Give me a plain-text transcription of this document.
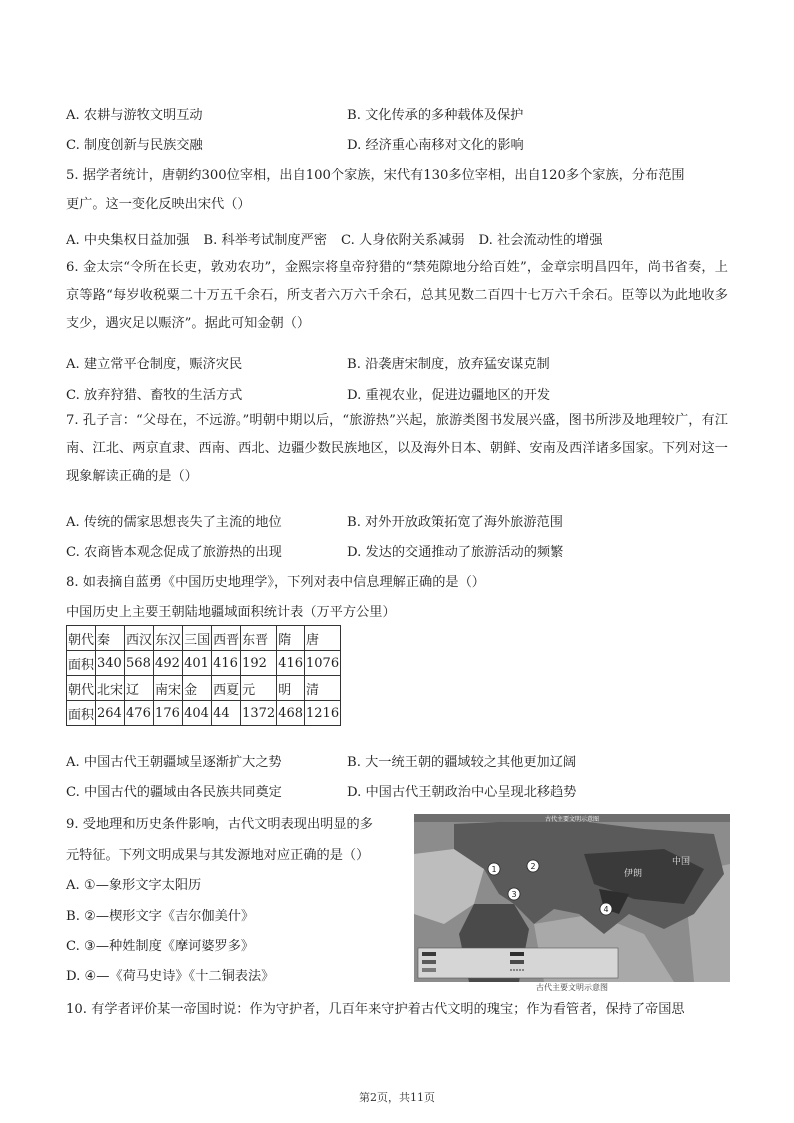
A. 农耕与游牧文明互动	B. 文化传承的多种载体及保护
C. 制度创新与民族交融	D. 经济重心南移对文化的影响
5. 据学者统计，唐朝约300位宰相，出自100个家族，宋代有130多位宰相，出自120多个家族，分布范围
更广。这一变化反映出宋代（）
A. 中央集权日益加强 B. 科举考试制度严密 C. 人身依附关系减弱 D. 社会流动性的增强
6. 金太宗“令所在长吏，敦劝农功”，金熙宗将皇帝狩猎的“禁苑隙地分给百姓”，金章宗明昌四年，尚书省奏，上京等路“每岁收税粟二十万五千余石，所支者六万六千余石，总其见数二百四十七万六千余石。臣等以为此地收多支少，遇灾足以赈济”。据此可知金朝（）
A. 建立常平仓制度，赈济灾民	B. 沿袭唐宋制度，放弃猛安谋克制
C. 放弃狩猎、畜牧的生活方式	D. 重视农业，促进边疆地区的开发
7. 孔子言：“父母在，不远游。”明朝中期以后，“旅游热”兴起，旅游类图书发展兴盛，图书所涉及地理较广，有江南、江北、两京直隶、西南、西北、边疆少数民族地区，以及海外日本、朝鲜、安南及西洋诸多国家。下列对这一现象解读正确的是（）
A. 传统的儒家思想丧失了主流的地位	B. 对外开放政策拓宽了海外旅游范围
C. 农商皆本观念促成了旅游热的出现	D. 发达的交通推动了旅游活动的频繁
8. 如表摘自蓝勇《中国历史地理学》，下列对表中信息理解正确的是（）
中国历史上主要王朝陆地疆域面积统计表（万平方公里）
朝代	秦	西汉	东汉	三国	西晋	东晋	隋	唐
面积	340	568	492	401	416	192	416	1076
朝代	北宋	辽	南宋	金	西夏	元	明	清
面积	264	476	176	404	44	1372	468	1216
A. 中国古代王朝疆域呈逐渐扩大之势	B. 大一统王朝的疆域较之其他更加辽阔
C. 中国古代的疆域由各民族共同奠定	D. 中国古代王朝政治中心呈现北移趋势
9. 受地理和历史条件影响，古代文明表现出明显的多
元特征。下列文明成果与其发源地对应正确的是（）
A. ①—象形文字太阳历
B. ②—楔形文字《吉尔伽美什》
C. ③—种姓制度《摩诃婆罗多》
D. ④—《荷马史诗》《十二铜表法》
古代主要文明示意图
伊朗
中国
1	2
3
4
古代主要文明示意图
10. 有学者评价某一帝国时说：作为守护者，几百年来守护着古代文明的瑰宝；作为看管者，保持了帝国思
第2页，共11页
